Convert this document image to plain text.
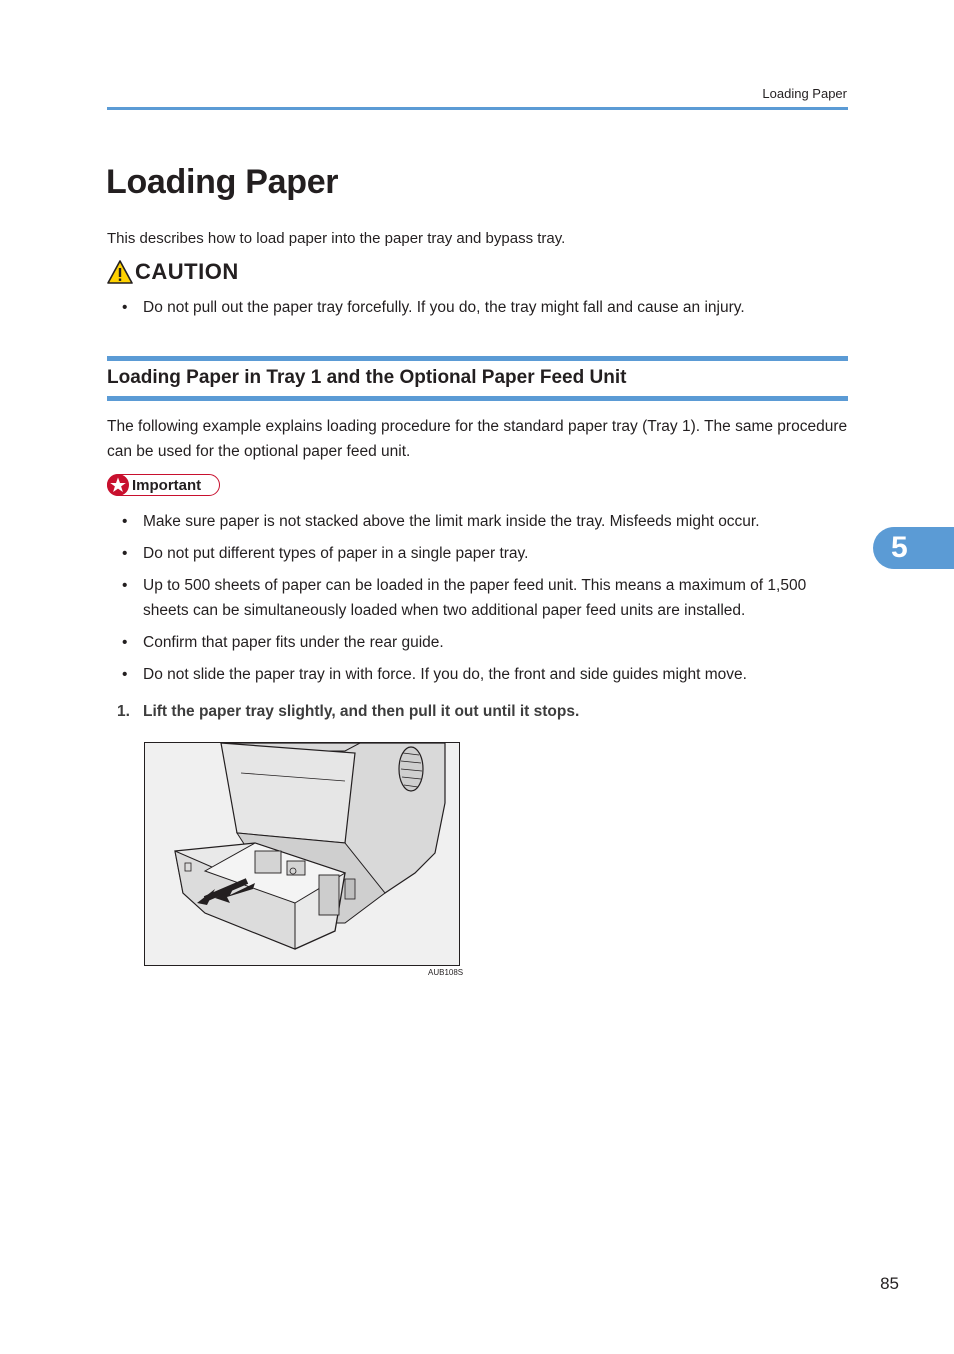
Loading Paper
Loading Paper

This describes how to load paper into the paper tray and bypass tray.

CAUTION
• Do not pull out the paper tray forcefully. If you do, the tray might fall and cause an injury.
Loading Paper in Tray 1 and the Optional Paper Feed Unit

The following example explains loading procedure for the standard paper tray (Tray 1). The same procedure can be used for the optional paper feed unit.

Important
• Make sure paper is not stacked above the limit mark inside the tray. Misfeeds might occur.
• Do not put different types of paper in a single paper tray.
• Up to 500 sheets of paper can be loaded in the paper feed unit. This means a maximum of 1,500 sheets can be simultaneously loaded when two additional paper feed units are installed.
• Confirm that paper fits under the rear guide.
• Do not slide the paper tray in with force. If you do, the front and side guides might move.

1. Lift the paper tray slightly, and then pull it out until it stops.

AUB108S
5
85
